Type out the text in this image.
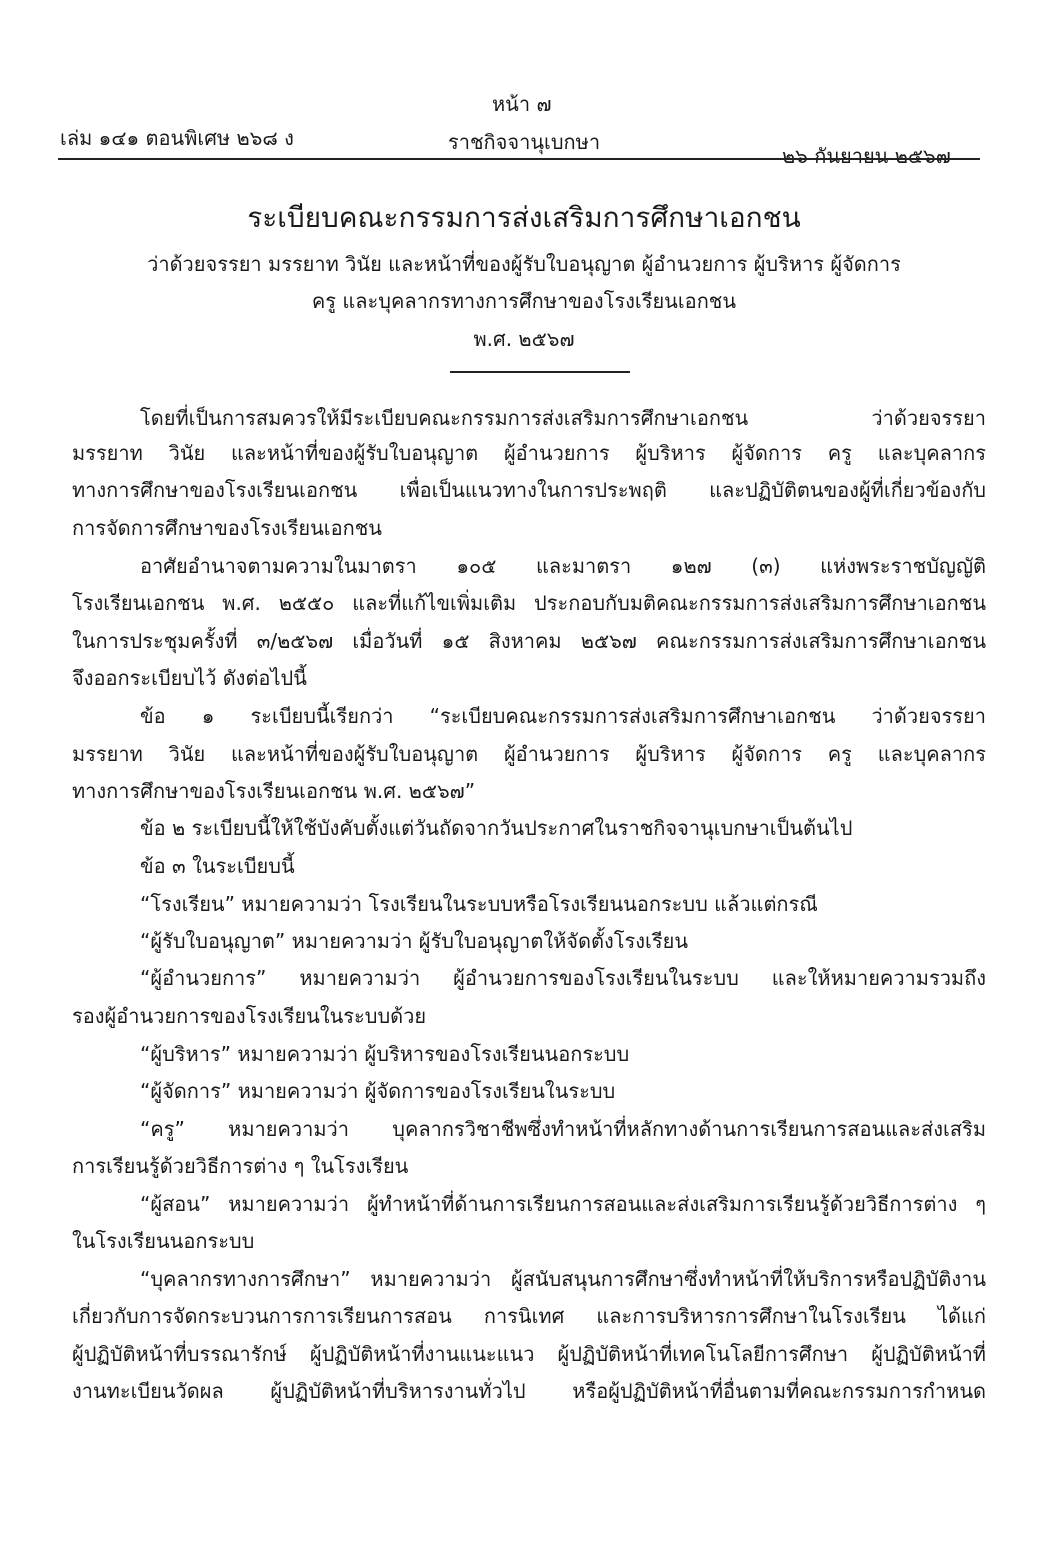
หน้า ๗
เล่ม ๑๔๑ ตอนพิเศษ ๒๖๘ ง	ราชกิจจานุเบกษา
๒๖ กันยายน ๒๕๖๗
ระเบียบคณะกรรมการส่งเสริมการศึกษาเอกชน
ว่าด้วยจรรยา มรรยาท วินัย และหน้าที่ของผู้รับใบอนุญาต ผู้อำนวยการ ผู้บริหาร ผู้จัดการ
ครู และบุคลากรทางการศึกษาของโรงเรียนเอกชน
พ.ศ. ๒๕๖๗
โดยที่เป็นการสมควรให้มีระเบียบคณะกรรมการส่งเสริมการศึกษาเอกชน ว่าด้วยจรรยา
มรรยาท วินัย และหน้าที่ของผู้รับใบอนุญาต ผู้อำนวยการ ผู้บริหาร ผู้จัดการ ครู และบุคลากร
ทางการศึกษาของโรงเรียนเอกชน เพื่อเป็นแนวทางในการประพฤติ และปฏิบัติตนของผู้ที่เกี่ยวข้องกับ
การจัดการศึกษาของโรงเรียนเอกชน
อาศัยอำนาจตามความในมาตรา ๑๐๕ และมาตรา ๑๒๗ (๓) แห่งพระราชบัญญัติ
โรงเรียนเอกชน พ.ศ. ๒๕๕๐ และที่แก้ไขเพิ่มเติม ประกอบกับมติคณะกรรมการส่งเสริมการศึกษาเอกชน
ในการประชุมครั้งที่ ๓/๒๕๖๗ เมื่อวันที่ ๑๕ สิงหาคม ๒๕๖๗ คณะกรรมการส่งเสริมการศึกษาเอกชน
จึงออกระเบียบไว้ ดังต่อไปนี้
ข้อ ๑ ระเบียบนี้เรียกว่า “ระเบียบคณะกรรมการส่งเสริมการศึกษาเอกชน ว่าด้วยจรรยา
มรรยาท วินัย และหน้าที่ของผู้รับใบอนุญาต ผู้อำนวยการ ผู้บริหาร ผู้จัดการ ครู และบุคลากร
ทางการศึกษาของโรงเรียนเอกชน พ.ศ. ๒๕๖๗”
ข้อ ๒ ระเบียบนี้ให้ใช้บังคับตั้งแต่วันถัดจากวันประกาศในราชกิจจานุเบกษาเป็นต้นไป
ข้อ ๓ ในระเบียบนี้
“โรงเรียน” หมายความว่า โรงเรียนในระบบหรือโรงเรียนนอกระบบ แล้วแต่กรณี
“ผู้รับใบอนุญาต” หมายความว่า ผู้รับใบอนุญาตให้จัดตั้งโรงเรียน
“ผู้อำนวยการ” หมายความว่า ผู้อำนวยการของโรงเรียนในระบบ และให้หมายความรวมถึง
รองผู้อำนวยการของโรงเรียนในระบบด้วย
“ผู้บริหาร” หมายความว่า ผู้บริหารของโรงเรียนนอกระบบ
“ผู้จัดการ” หมายความว่า ผู้จัดการของโรงเรียนในระบบ
“ครู” หมายความว่า บุคลากรวิชาชีพซึ่งทำหน้าที่หลักทางด้านการเรียนการสอนและส่งเสริม
การเรียนรู้ด้วยวิธีการต่าง ๆ ในโรงเรียน
“ผู้สอน” หมายความว่า ผู้ทำหน้าที่ด้านการเรียนการสอนและส่งเสริมการเรียนรู้ด้วยวิธีการต่าง ๆ
ในโรงเรียนนอกระบบ
“บุคลากรทางการศึกษา” หมายความว่า ผู้สนับสนุนการศึกษาซึ่งทำหน้าที่ให้บริการหรือปฏิบัติงาน
เกี่ยวกับการจัดกระบวนการการเรียนการสอน การนิเทศ และการบริหารการศึกษาในโรงเรียน ได้แก่
ผู้ปฏิบัติหน้าที่บรรณารักษ์ ผู้ปฏิบัติหน้าที่งานแนะแนว ผู้ปฏิบัติหน้าที่เทคโนโลยีการศึกษา ผู้ปฏิบัติหน้าที่
งานทะเบียนวัดผล ผู้ปฏิบัติหน้าที่บริหารงานทั่วไป หรือผู้ปฏิบัติหน้าที่อื่นตามที่คณะกรรมการกำหนด
